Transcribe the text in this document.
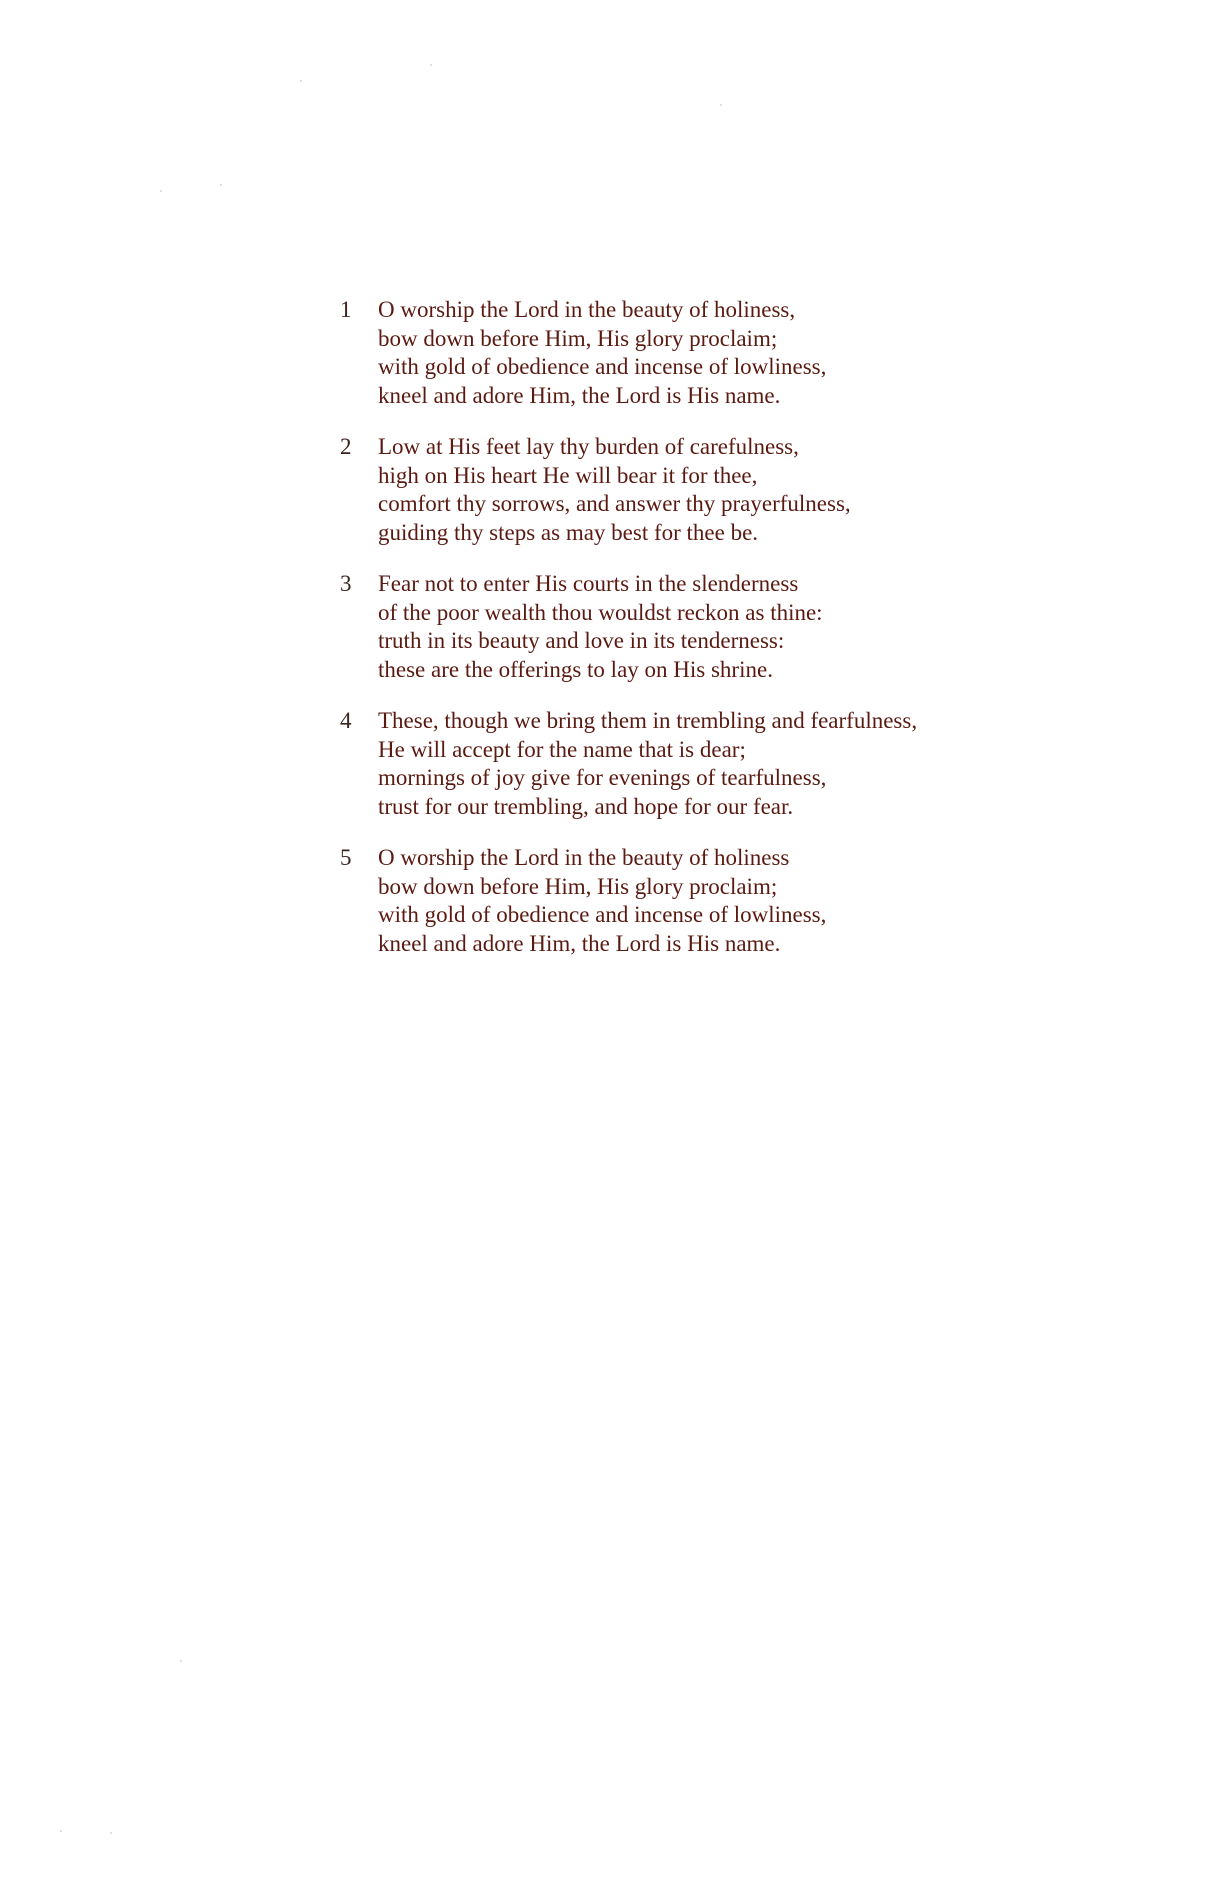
1	O worship the Lord in the beauty of holiness,
bow down before Him, His glory proclaim;
with gold of obedience and incense of lowliness,
kneel and adore Him, the Lord is His name.
2	Low at His feet lay thy burden of carefulness,
high on His heart He will bear it for thee,
comfort thy sorrows, and answer thy prayerfulness,
guiding thy steps as may best for thee be.
3	Fear not to enter His courts in the slenderness
of the poor wealth thou wouldst reckon as thine:
truth in its beauty and love in its tenderness:
these are the offerings to lay on His shrine.
4	These, though we bring them in trembling and fearfulness,
He will accept for the name that is dear;
mornings of joy give for evenings of tearfulness,
trust for our trembling, and hope for our fear.
5	O worship the Lord in the beauty of holiness
bow down before Him, His glory proclaim;
with gold of obedience and incense of lowliness,
kneel and adore Him, the Lord is His name.
